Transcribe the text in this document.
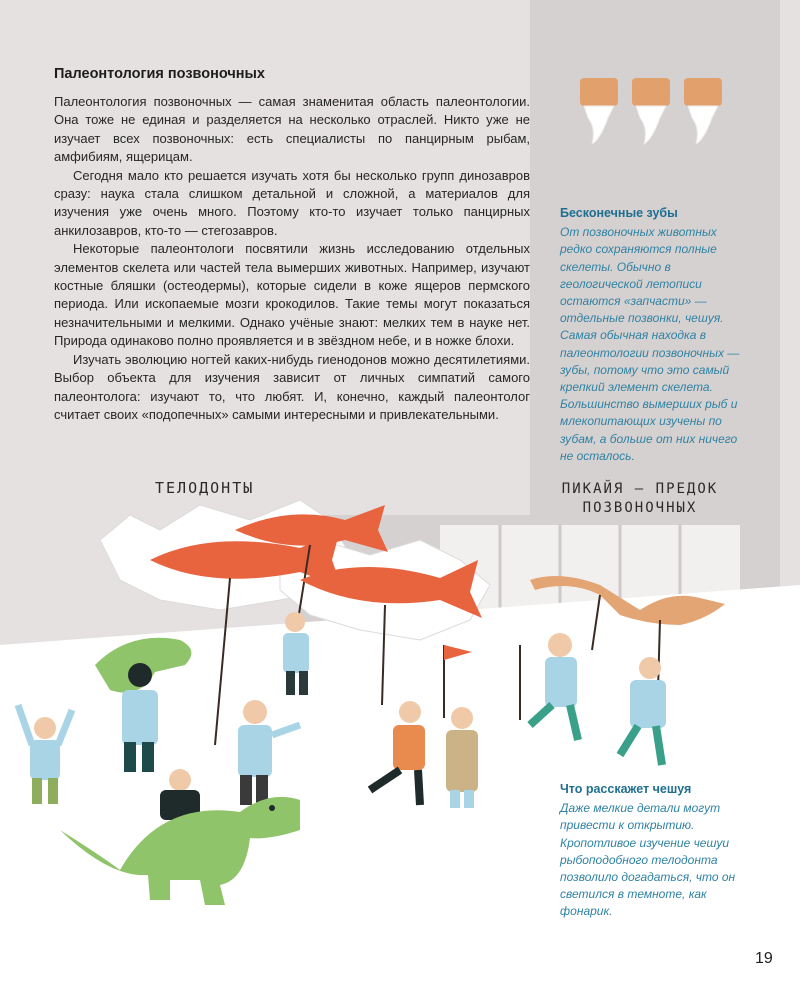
Палеонтология позвоночных

Палеонтология позвоночных — самая знаменитая область палеонтологии. Она тоже не единая и разделяется на несколько отраслей. Никто уже не изучает всех позвоночных: есть специалисты по панцирным рыбам, амфибиям, ящерицам.

Сегодня мало кто решается изучать хотя бы несколько групп динозавров сразу: наука стала слишком детальной и сложной, а материалов для изучения уже очень много. Поэтому кто-то изучает только панцирных анкилозавров, кто-то — стегозавров.

Некоторые палеонтологи посвятили жизнь исследованию отдельных элементов скелета или частей тела вымерших животных. Например, изучают костные бляшки (остеодермы), которые сидели в коже ящеров пермского периода. Или ископаемые мозги крокодилов. Такие темы могут показаться незначительными и мелкими. Однако учёные знают: мелких тем в науке нет. Природа одинаково полно проявляется и в звёздном небе, и в ножке блохи.

Изучать эволюцию ногтей каких-нибудь гиенодонов можно десятилетиями. Выбор объекта для изучения зависит от личных симпатий самого палеонтолога: изучают то, что любят. И, конечно, каждый палеонтолог считает своих «подопечных» самыми интересными и привлекательными.

Бесконечные зубы

От позвоночных животных редко сохраняются полные скелеты. Обычно в геологической летописи остаются «запчасти» — отдельные позвонки, чешуя. Самая обычная находка в палеонтологии позвоночных — зубы, потому что это самый крепкий элемент скелета. Большинство вымерших рыб и млекопитающих изучены по зубам, а больше от них ничего не осталось.

Что расскажет чешуя

Даже мелкие детали могут привести к открытию. Кропотливое изучение чешуи рыбоподобного телодонта позволило догадаться, что он светился в темноте, как фонарик.

ТЕЛОДОНТЫ	ПИКАЙЯ — ПРЕДОК
ПОЗВОНОЧНЫХ
19
